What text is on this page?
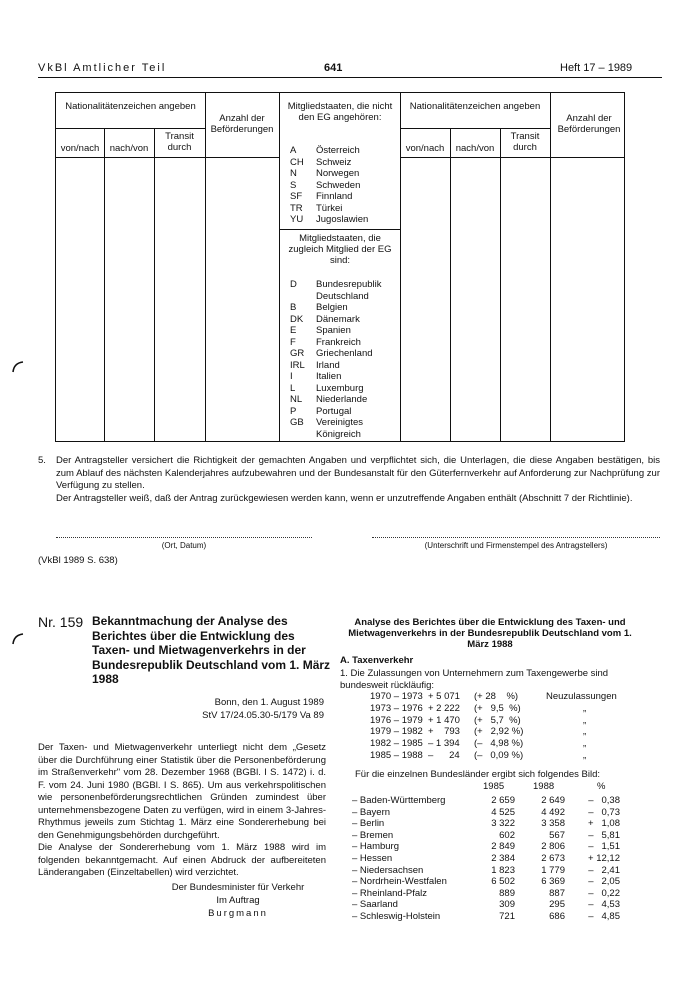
VkBl Amtlicher Teil	641	Heft 17 – 1989
Nationalitätenzeichen angeben
von/nach	nach/von
Transit durch
Anzahl der Beförderungen
Mitgliedstaaten, die nicht den EG angehören:
A	Österreich
CH	Schweiz
N	Norwegen
S	Schweden
SF	Finnland
TR	Türkei
YU	Jugoslawien
Mitgliedstaaten, die zugleich Mitglied der EG sind:
D	Bundesrepublik
Deutschland
B	Belgien
DK	Dänemark
E	Spanien
F	Frankreich
GR	Griechenland
IRL	Irland
I	Italien
L	Luxemburg
NL	Niederlande
P	Portugal
GB	Vereinigtes
Königreich
Nationalitätenzeichen angeben
von/nach	nach/von
Transit durch
Anzahl der Beförderungen
5.	Der Antragsteller versichert die Richtigkeit der gemachten Angaben und verpflichtet sich, die Unterlagen, die diese Angaben bestätigen, bis zum Ablauf des nächsten Kalenderjahres aufzubewahren und der Bundesanstalt für den Güterfernverkehr auf Anforderung zur Nachprüfung zur Verfügung zu stellen.
Der Antragsteller weiß, daß der Antrag zurückgewiesen werden kann, wenn er unzutreffende Angaben enthält (Abschnitt 7 der Richtlinie).
(Ort, Datum)	(Unterschrift und Firmenstempel des Antragstellers)
(VkBl 1989 S. 638)
Nr. 159 Bekanntmachung der Analyse des Berichtes über die Entwicklung des Taxen- und Mietwagenverkehrs in der Bundesrepublik Deutschland vom 1. März 1988
Bonn, den 1. August 1989
StV 17/24.05.30-5/179 Va 89
Der Taxen- und Mietwagenverkehr unterliegt nicht dem „Gesetz über die Durchführung einer Statistik über die Personenbeförderung im Straßenverkehr" vom 28. Dezember 1968 (BGBl. I S. 1472) i. d. F. vom 24. Juni 1980 (BGBl. I S. 865). Um aus verkehrspolitischen wie personenbeförderungsrechtlichen Gründen zumindest über unternehmensbezogene Daten zu verfügen, wird in einem 3-Jahres-Rhythmus jeweils zum Stichtag 1. März eine Sondererhebung bei den Genehmigungsbehörden durchgeführt.
Die Analyse der Sondererhebung vom 1. März 1988 wird im folgenden bekanntgemacht. Auf einen Abdruck der aufbereiteten Länderangaben (Einzeltabellen) wird verzichtet.
Der Bundesminister für Verkehr
Im Auftrag
Burgmann
Analyse des Berichtes über die Entwicklung des Taxen- und Mietwagenverkehrs in der Bundesrepublik Deutschland vom 1. März 1988
A. Taxenverkehr
1. Die Zulassungen von Unternehmern zum Taxengewerbe sind bundesweit rückläufig:
Neuzulassungen
1970 – 1973 + 5 071 (+ 28    %)
1973 – 1976 + 2 222 (+   9,5  %)	„
1976 – 1979 + 1 470 (+   5,7  %)	„
1979 – 1982 +    793 (+   2,92 %)	„
1982 – 1985 – 1 394 (–   4,98 %)	„
1985 – 1988 –      24 (–   0,09 %)	„
Für die einzelnen Bundesländer ergibt sich folgendes Bild:
1985	1988	%
– Baden-Württemberg	2 659	2 649	–   0,38
– Bayern	4 525	4 492	–   0,73
– Berlin	3 322	3 358	+   1,08
– Bremen	602	567	–   5,81
– Hamburg	2 849	2 806	–   1,51
– Hessen	2 384	2 673	+ 12,12
– Niedersachsen	1 823	1 779	–   2,41
– Nordrhein-Westfalen	6 502	6 369	–   2,05
– Rheinland-Pfalz	889	887	–   0,22
– Saarland	309	295	–   4,53
– Schleswig-Holstein	721	686	–   4,85
